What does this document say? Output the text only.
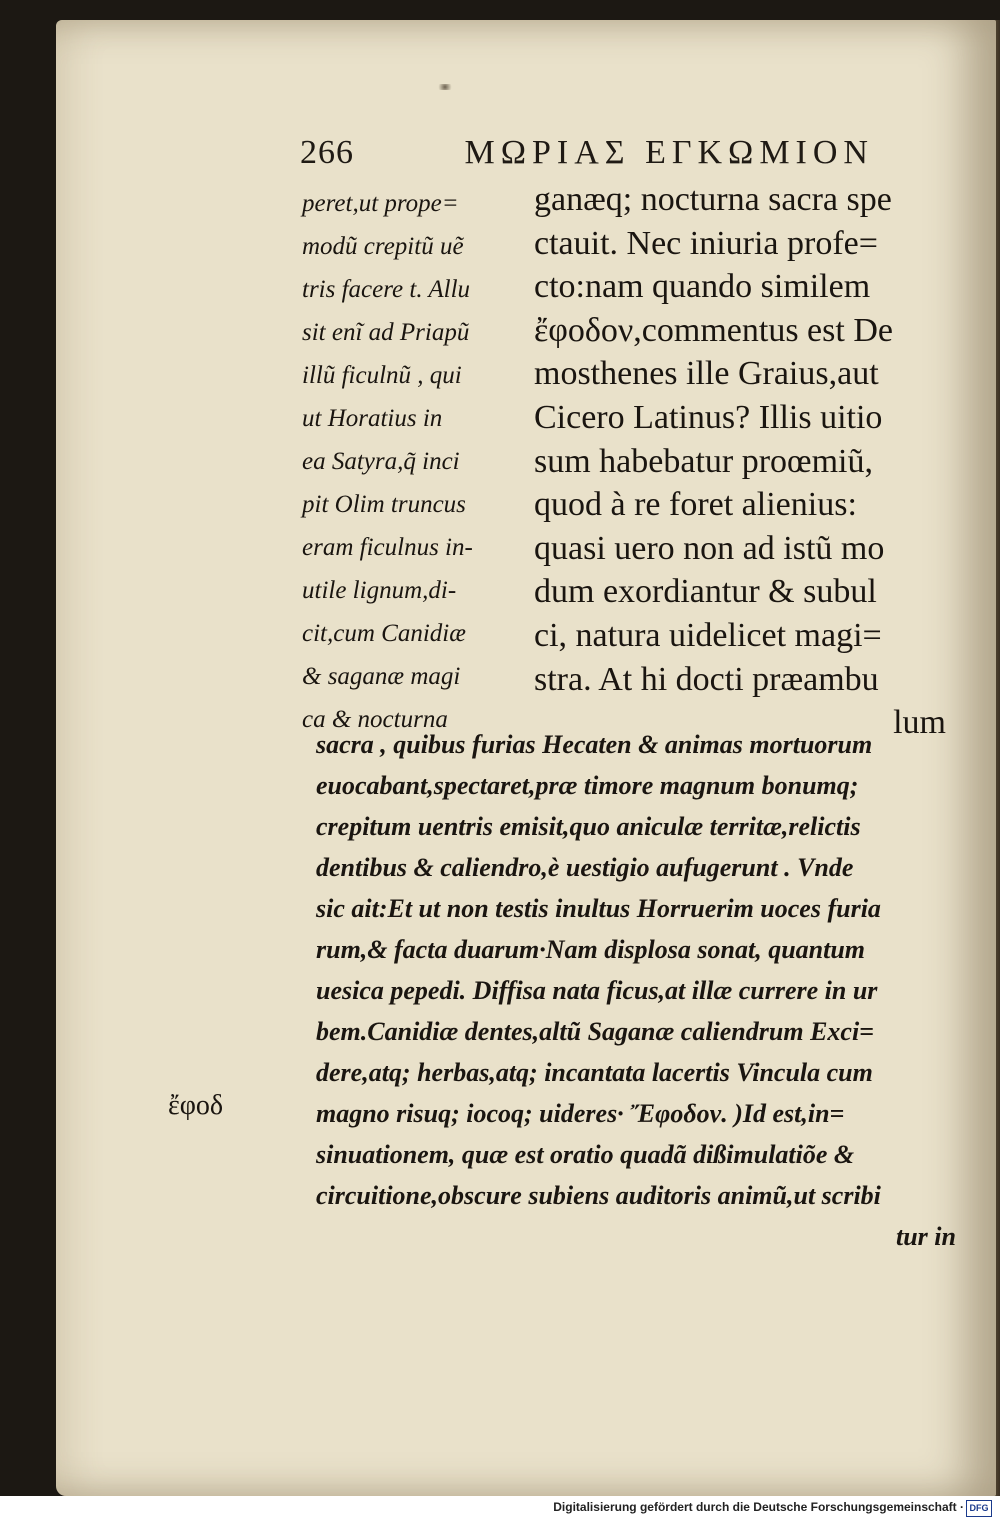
266	ΜΩΡΙΑΣ ΕΓΚΩΜΙΟΝ
peret,ut prope=
modũ crepitũ uẽ
tris facere t. Allu
sit enĩ ad Priapũ
illũ ficulnũ , qui
ut Horatius in
ea Satyra,q̃ inci
pit Olim truncus
eram ficulnus in-
utile lignum,di-
cit,cum Canidiæ
& saganæ magi
ca & nocturna
ganæq; nocturna sacra spe
ctauit. Nec iniuria profe=
cto:nam quando similem
ἔφοδον,commentus est De
mosthenes ille Graius,aut
Cicero Latinus? Illis uitio
sum habebatur proœmiũ,
quod à re foret alienius:
quasi uero non ad istũ mo
dum exordiantur & subul
ci, natura uidelicet magi=
stra. At hi docti præambu
lum
sacra , quibus furias Hecaten & animas mortuorum
euocabant,spectaret,præ timore magnum bonumq;
crepitum uentris emisit,quo aniculæ territæ,relictis
dentibus & caliendro,è uestigio aufugerunt . Vnde
sic ait:Et ut non testis inultus Horruerim uoces furia
rum,& facta duarum·Nam displosa sonat, quantum
uesica pepedi. Diffisa nata ficus,at illæ currere in ur
bem.Canidiæ dentes,altũ Saganæ caliendrum Exci=
dere,atq; herbas,atq; incantata lacertis Vincula cum
magno risuq; iocoq; uideres· Ἔφοδον. )Id est,in=
sinuationem, quæ est oratio quadã dißimulatiõe &
circuitione,obscure subiens auditoris animũ,ut scribi
tur in
ἔφοδ
Digitalisierung gefördert durch die Deutsche Forschungsgemeinschaft · DFG
